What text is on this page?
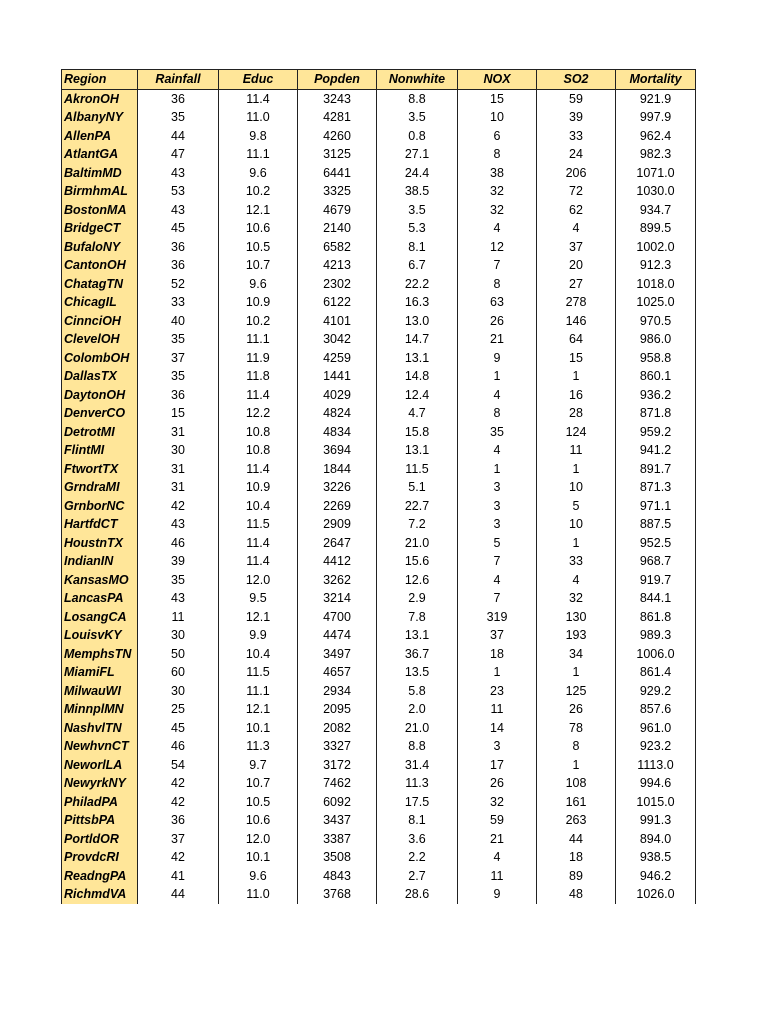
Region	Rainfall	Educ	Popden	Nonwhite	NOX	SO2	Mortality
AkronOH	36	11.4	3243	8.8	15	59	921.9
AlbanyNY	35	11.0	4281	3.5	10	39	997.9
AllenPA	44	9.8	4260	0.8	6	33	962.4
AtlantGA	47	11.1	3125	27.1	8	24	982.3
BaltimMD	43	9.6	6441	24.4	38	206	1071.0
BirmhmAL	53	10.2	3325	38.5	32	72	1030.0
BostonMA	43	12.1	4679	3.5	32	62	934.7
BridgeCT	45	10.6	2140	5.3	4	4	899.5
BufaloNY	36	10.5	6582	8.1	12	37	1002.0
CantonOH	36	10.7	4213	6.7	7	20	912.3
ChatagTN	52	9.6	2302	22.2	8	27	1018.0
ChicagIL	33	10.9	6122	16.3	63	278	1025.0
CinnciOH	40	10.2	4101	13.0	26	146	970.5
ClevelOH	35	11.1	3042	14.7	21	64	986.0
ColombOH	37	11.9	4259	13.1	9	15	958.8
DallasTX	35	11.8	1441	14.8	1	1	860.1
DaytonOH	36	11.4	4029	12.4	4	16	936.2
DenverCO	15	12.2	4824	4.7	8	28	871.8
DetrotMI	31	10.8	4834	15.8	35	124	959.2
FlintMI	30	10.8	3694	13.1	4	11	941.2
FtwortTX	31	11.4	1844	11.5	1	1	891.7
GrndraMI	31	10.9	3226	5.1	3	10	871.3
GrnborNC	42	10.4	2269	22.7	3	5	971.1
HartfdCT	43	11.5	2909	7.2	3	10	887.5
HoustnTX	46	11.4	2647	21.0	5	1	952.5
IndianIN	39	11.4	4412	15.6	7	33	968.7
KansasMO	35	12.0	3262	12.6	4	4	919.7
LancasPA	43	9.5	3214	2.9	7	32	844.1
LosangCA	11	12.1	4700	7.8	319	130	861.8
LouisvKY	30	9.9	4474	13.1	37	193	989.3
MemphsTN	50	10.4	3497	36.7	18	34	1006.0
MiamiFL	60	11.5	4657	13.5	1	1	861.4
MilwauWI	30	11.1	2934	5.8	23	125	929.2
MinnplMN	25	12.1	2095	2.0	11	26	857.6
NashvlTN	45	10.1	2082	21.0	14	78	961.0
NewhvnCT	46	11.3	3327	8.8	3	8	923.2
NeworlLA	54	9.7	3172	31.4	17	1	1113.0
NewyrkNY	42	10.7	7462	11.3	26	108	994.6
PhiladPA	42	10.5	6092	17.5	32	161	1015.0
PittsbPA	36	10.6	3437	8.1	59	263	991.3
PortldOR	37	12.0	3387	3.6	21	44	894.0
ProvdcRI	42	10.1	3508	2.2	4	18	938.5
ReadngPA	41	9.6	4843	2.7	11	89	946.2
RichmdVA	44	11.0	3768	28.6	9	48	1026.0
